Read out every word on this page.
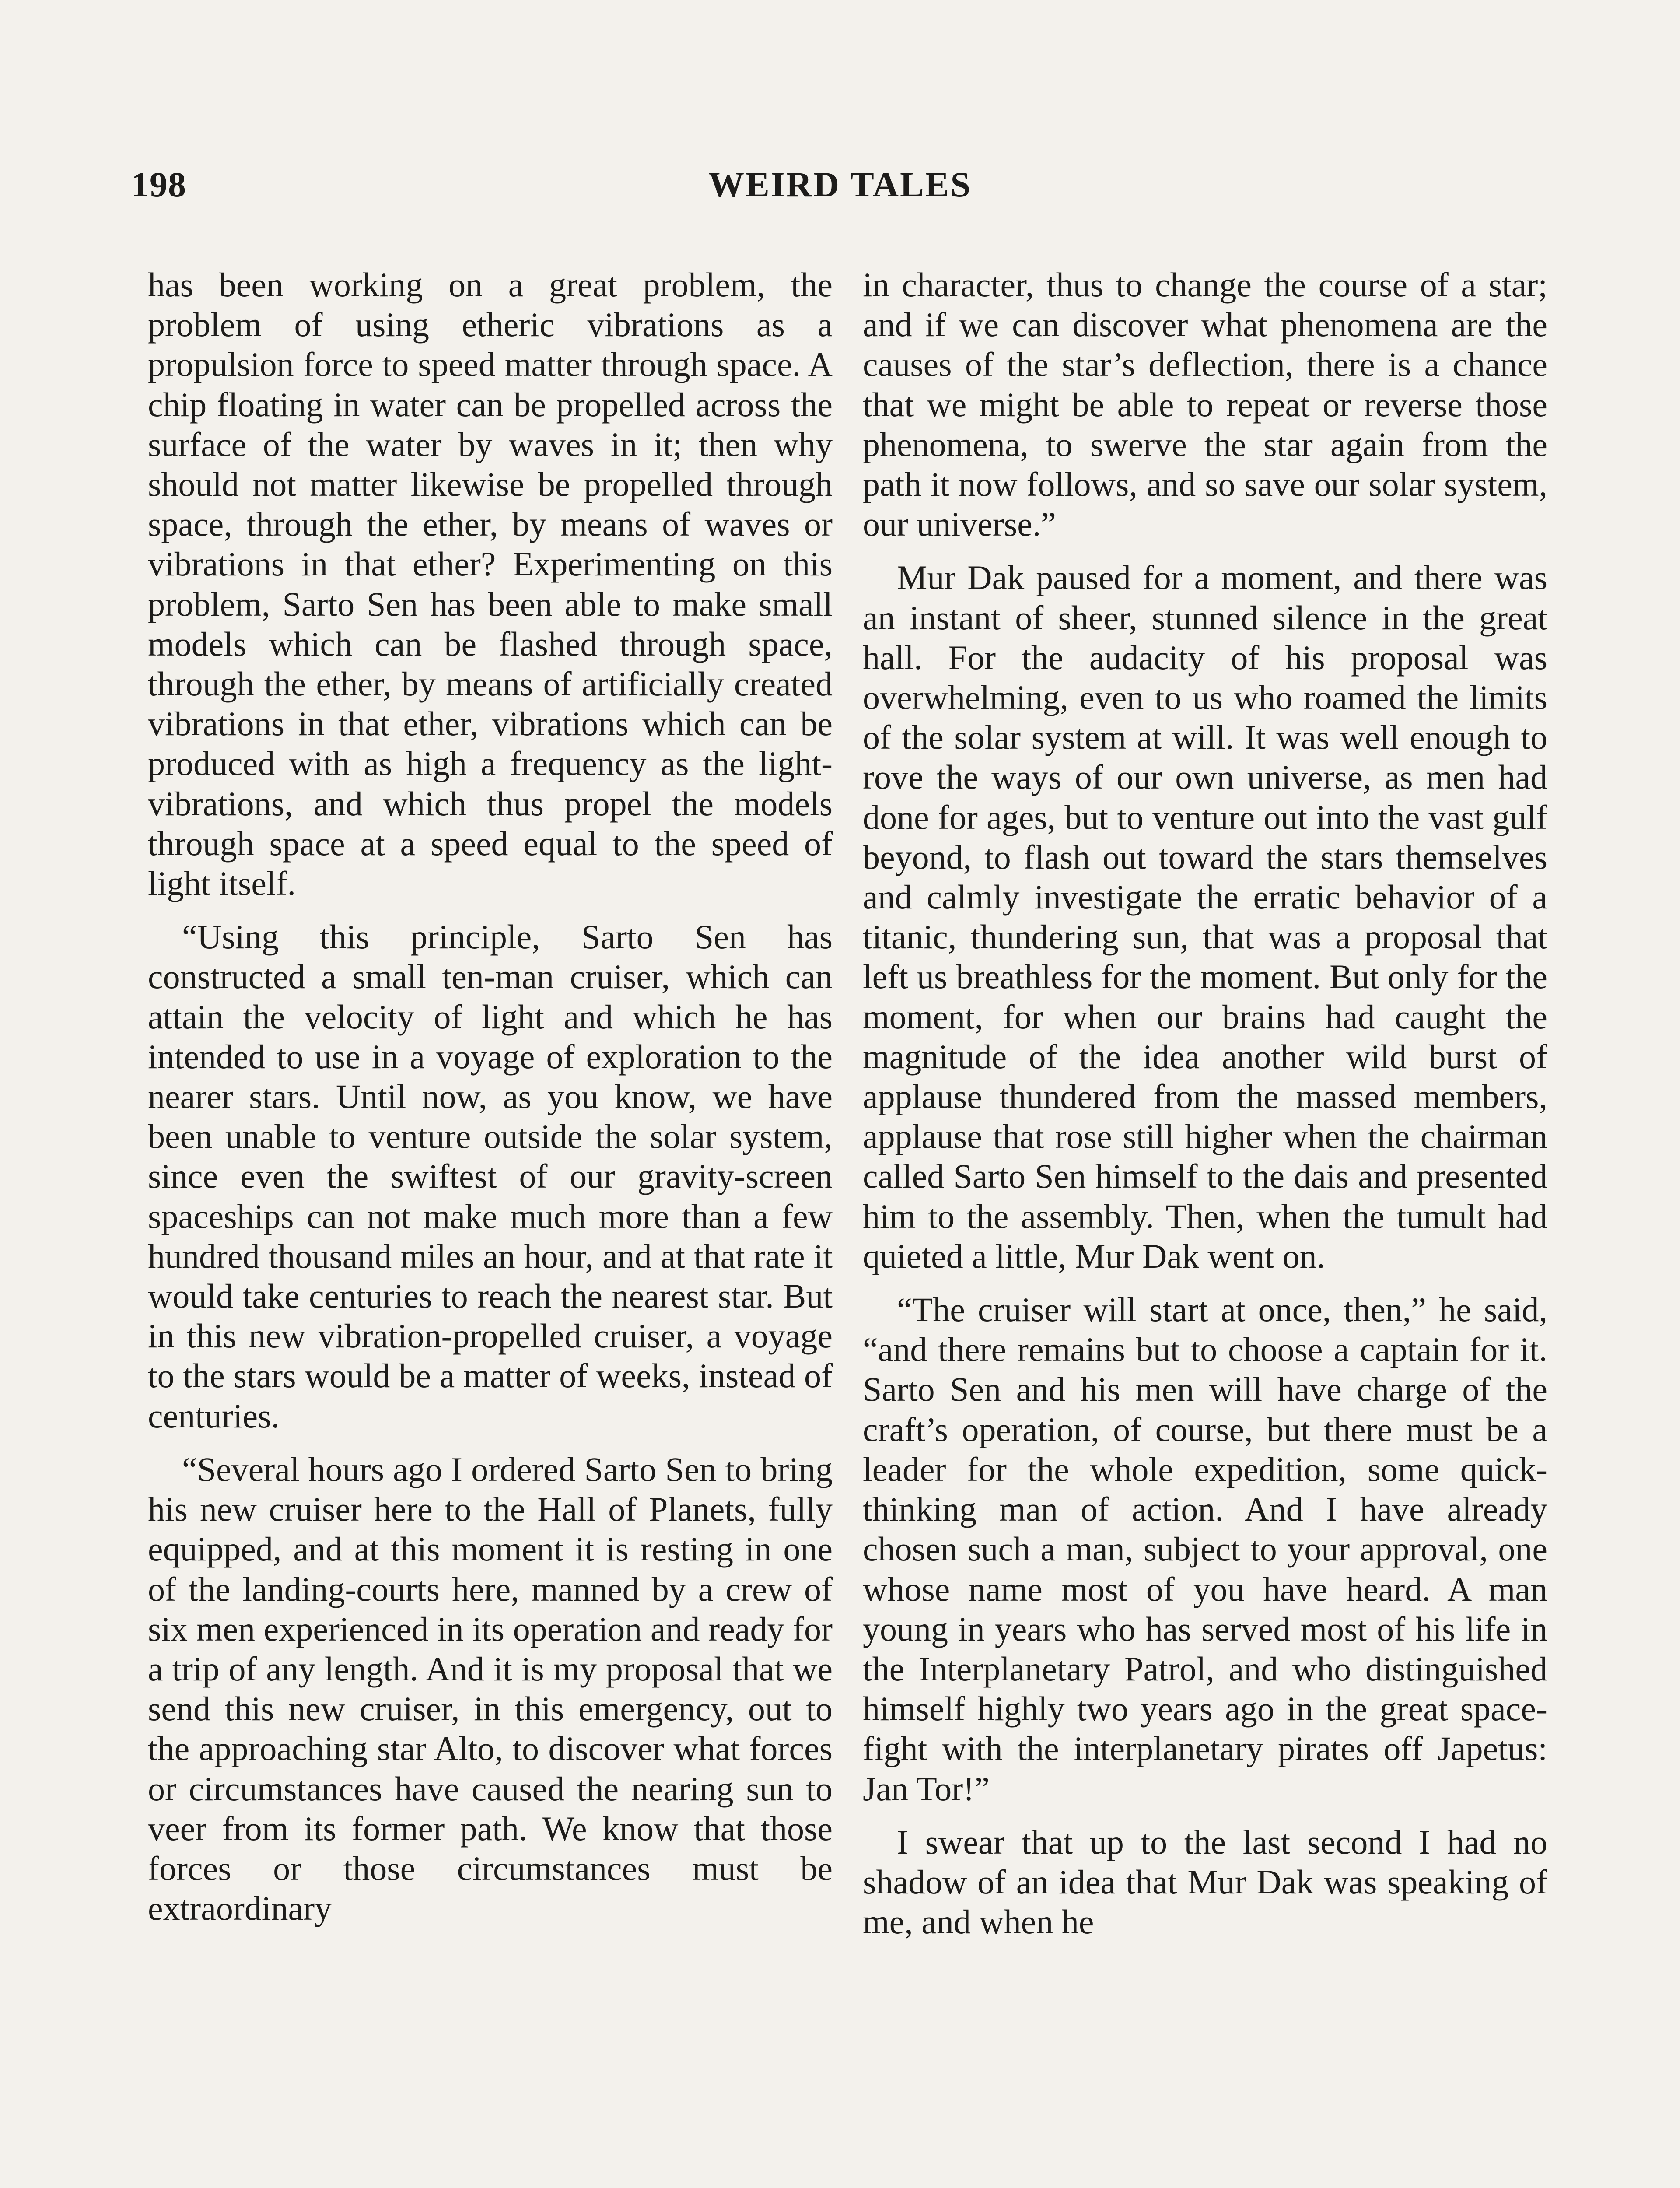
198	WEIRD TALES

has been working on a great problem, the problem of using etheric vibrations as a propulsion force to speed matter through space. A chip floating in water can be propelled across the surface of the water by waves in it; then why should not matter likewise be propelled through space, through the ether, by means of waves or vibrations in that ether? Experimenting on this problem, Sarto Sen has been able to make small models which can be flashed through space, through the ether, by means of artificially created vibrations in that ether, vibrations which can be produced with as high a frequency as the light-vibrations, and which thus propel the models through space at a speed equal to the speed of light itself.

“Using this principle, Sarto Sen has constructed a small ten-man cruiser, which can attain the velocity of light and which he has intended to use in a voyage of exploration to the nearer stars. Until now, as you know, we have been unable to venture outside the solar system, since even the swiftest of our gravity-screen spaceships can not make much more than a few hundred thousand miles an hour, and at that rate it would take centuries to reach the nearest star. But in this new vibration-propelled cruiser, a voyage to the stars would be a matter of weeks, instead of centuries.

“Several hours ago I ordered Sarto Sen to bring his new cruiser here to the Hall of Planets, fully equipped, and at this moment it is resting in one of the landing-courts here, manned by a crew of six men experienced in its operation and ready for a trip of any length. And it is my proposal that we send this new cruiser, in this emergency, out to the approaching star Alto, to discover what forces or circumstances have caused the nearing sun to veer from its former path. We know that those forces or those circumstances must be extraordinary

in character, thus to change the course of a star; and if we can discover what phenomena are the causes of the star’s deflection, there is a chance that we might be able to repeat or reverse those phenomena, to swerve the star again from the path it now follows, and so save our solar system, our universe.”

Mur Dak paused for a moment, and there was an instant of sheer, stunned silence in the great hall. For the audacity of his proposal was overwhelming, even to us who roamed the limits of the solar system at will. It was well enough to rove the ways of our own universe, as men had done for ages, but to venture out into the vast gulf beyond, to flash out toward the stars themselves and calmly investigate the erratic behavior of a titanic, thundering sun, that was a proposal that left us breathless for the moment. But only for the moment, for when our brains had caught the magnitude of the idea another wild burst of applause thundered from the massed members, applause that rose still higher when the chairman called Sarto Sen himself to the dais and presented him to the assembly. Then, when the tumult had quieted a little, Mur Dak went on.

“The cruiser will start at once, then,” he said, “and there remains but to choose a captain for it. Sarto Sen and his men will have charge of the craft’s operation, of course, but there must be a leader for the whole expedition, some quick-thinking man of action. And I have already chosen such a man, subject to your approval, one whose name most of you have heard. A man young in years who has served most of his life in the Interplanetary Patrol, and who distinguished himself highly two years ago in the great space-fight with the interplanetary pirates off Japetus: Jan Tor!”

I swear that up to the last second I had no shadow of an idea that Mur Dak was speaking of me, and when he
